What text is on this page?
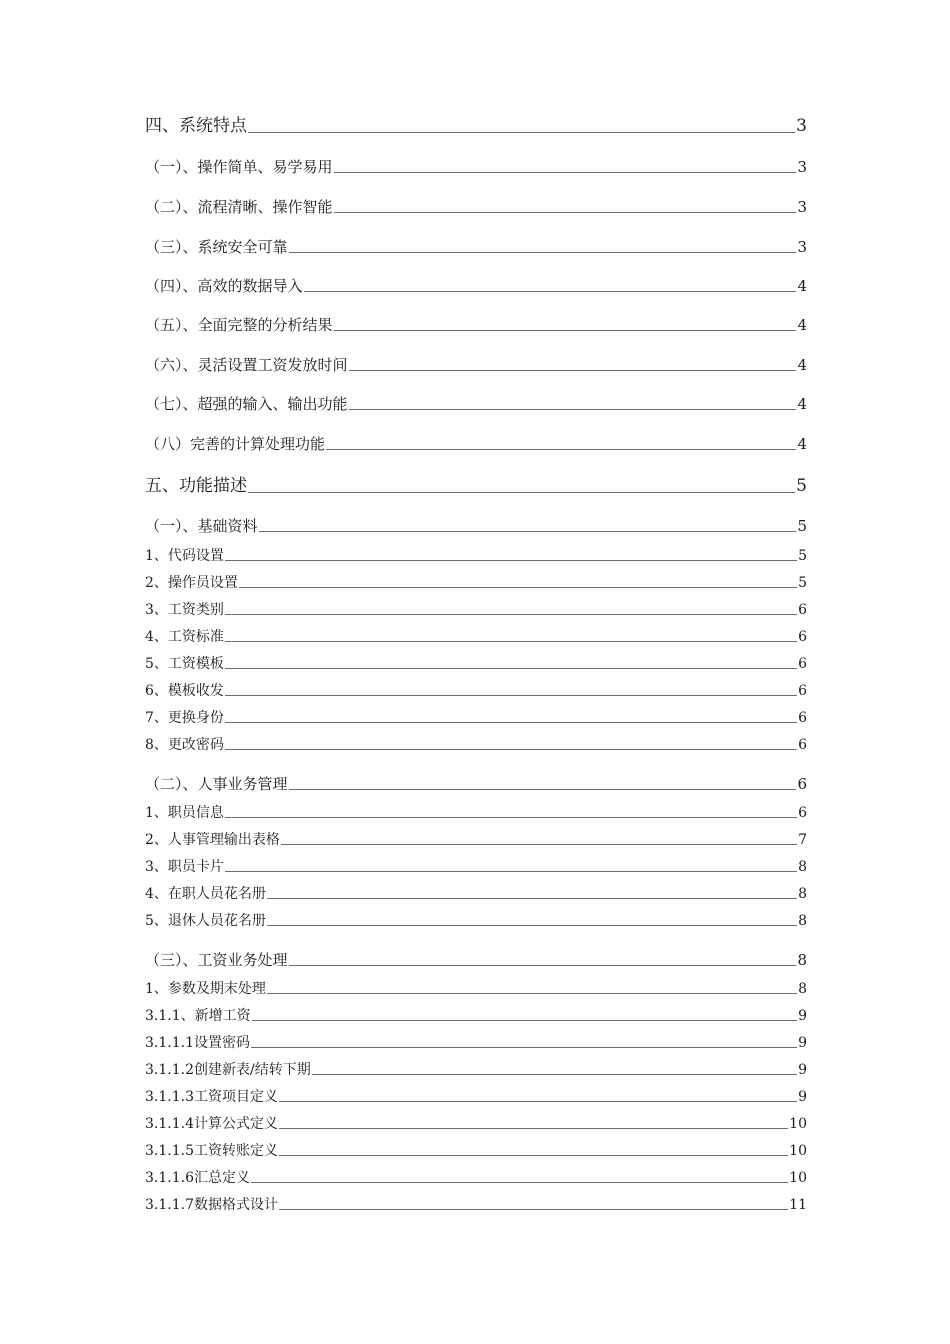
四、系统特点	3
（一）、操作简单、易学易用	3
（二）、流程清晰、操作智能	3
（三）、系统安全可靠	3
（四）、高效的数据导入	4
（五）、全面完整的分析结果	4
（六）、灵活设置工资发放时间	4
（七）、超强的输入、输出功能	4
（八）完善的计算处理功能	4
五、功能描述	5
（一）、基础资料	5
1、代码设置	5
2、操作员设置	5
3、工资类别	6
4、工资标准	6
5、工资模板	6
6、模板收发	6
7、更换身份	6
8、更改密码	6
（二）、人事业务管理	6
1、职员信息	6
2、人事管理输出表格	7
3、职员卡片	8
4、在职人员花名册	8
5、退休人员花名册	8
（三）、工资业务处理	8
1、参数及期末处理	8
3.1.1、新增工资	9
3.1.1.1设置密码	9
3.1.1.2创建新表/结转下期	9
3.1.1.3工资项目定义	9
3.1.1.4计算公式定义	10
3.1.1.5工资转账定义	10
3.1.1.6汇总定义	10
3.1.1.7数据格式设计	11
